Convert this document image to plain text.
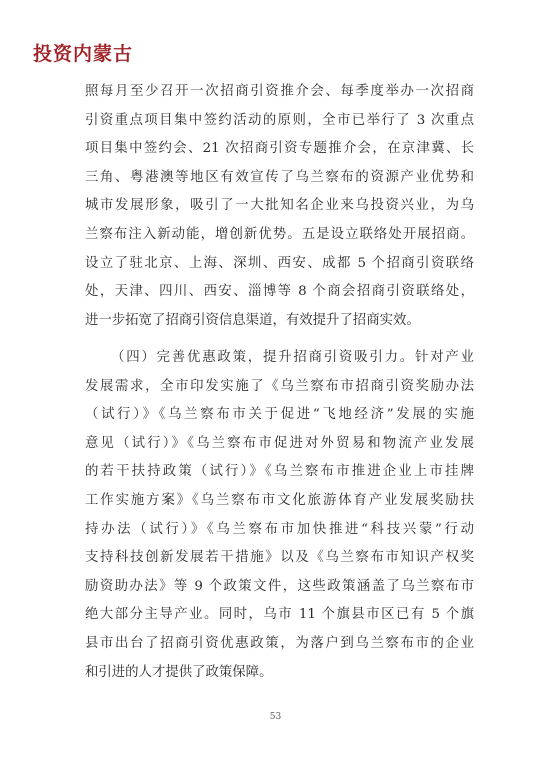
投资内蒙古
照每月至少召开一次招商引资推介会、每季度举办一次招商
引资重点项目集中签约活动的原则，全市已举行了 3 次重点
项目集中签约会、21 次招商引资专题推介会，在京津冀、长
三角、粤港澳等地区有效宣传了乌兰察布的资源产业优势和
城市发展形象，吸引了一大批知名企业来乌投资兴业，为乌
兰察布注入新动能，增创新优势。五是设立联络处开展招商。
设立了驻北京、上海、深圳、西安、成都 5 个招商引资联络
处，天津、四川、西安、淄博等 8 个商会招商引资联络处，
进一步拓宽了招商引资信息渠道，有效提升了招商实效。
（四）完善优惠政策，提升招商引资吸引力。针对产业
发展需求，全市印发实施了《乌兰察布市招商引资奖励办法
（试行）》《乌兰察布市关于促进“飞地经济”发展的实施
意见（试行）》《乌兰察布市促进对外贸易和物流产业发展
的若干扶持政策（试行）》《乌兰察布市推进企业上市挂牌
工作实施方案》《乌兰察布市文化旅游体育产业发展奖励扶
持办法（试行）》《乌兰察布市加快推进“科技兴蒙”行动
支持科技创新发展若干措施》以及《乌兰察布市知识产权奖
励资助办法》等 9 个政策文件，这些政策涵盖了乌兰察布市
绝大部分主导产业。同时，乌市 11 个旗县市区已有 5 个旗
县市出台了招商引资优惠政策，为落户到乌兰察布市的企业
和引进的人才提供了政策保障。
53
